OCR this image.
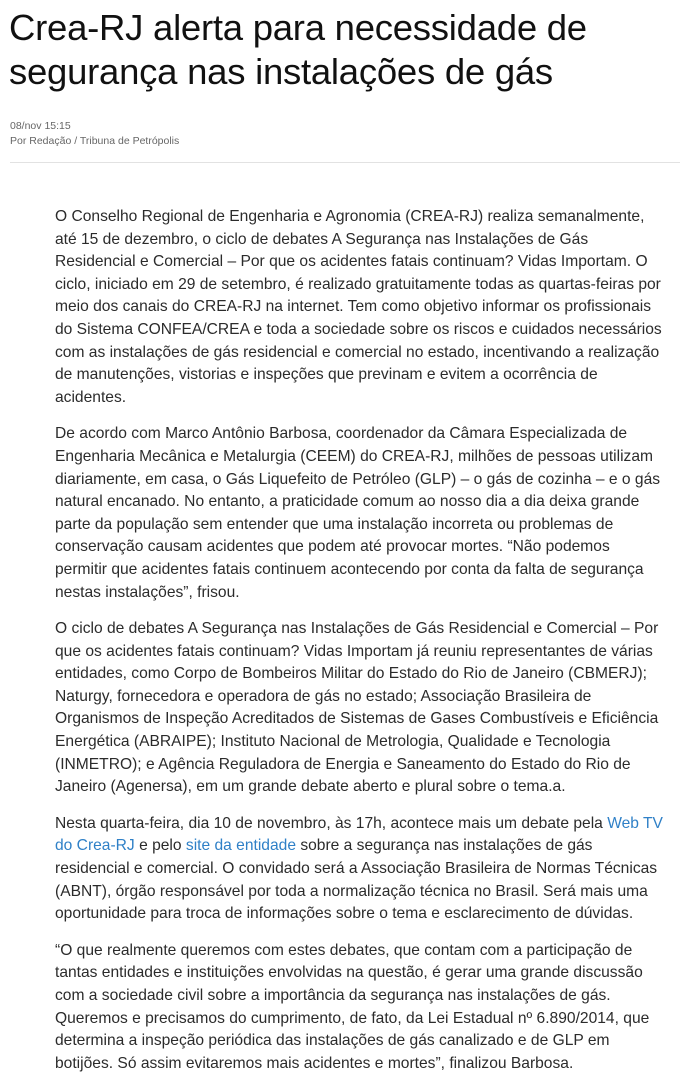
Crea-RJ alerta para necessidade de segurança nas instalações de gás
08/nov 15:15
Por Redação / Tribuna de Petrópolis

O Conselho Regional de Engenharia e Agronomia (CREA-RJ) realiza semanalmente, até 15 de dezembro, o ciclo de debates A Segurança nas Instalações de Gás Residencial e Comercial – Por que os acidentes fatais continuam? Vidas Importam. O ciclo, iniciado em 29 de setembro, é realizado gratuitamente todas as quartas-feiras por meio dos canais do CREA-RJ na internet. Tem como objetivo informar os profissionais do Sistema CONFEA/CREA e toda a sociedade sobre os riscos e cuidados necessários com as instalações de gás residencial e comercial no estado, incentivando a realização de manutenções, vistorias e inspeções que previnam e evitem a ocorrência de acidentes.

De acordo com Marco Antônio Barbosa, coordenador da Câmara Especializada de Engenharia Mecânica e Metalurgia (CEEM) do CREA-RJ, milhões de pessoas utilizam diariamente, em casa, o Gás Liquefeito de Petróleo (GLP) – o gás de cozinha – e o gás natural encanado. No entanto, a praticidade comum ao nosso dia a dia deixa grande parte da população sem entender que uma instalação incorreta ou problemas de conservação causam acidentes que podem até provocar mortes. “Não podemos permitir que acidentes fatais continuem acontecendo por conta da falta de segurança nestas instalações”, frisou.

O ciclo de debates A Segurança nas Instalações de Gás Residencial e Comercial – Por que os acidentes fatais continuam? Vidas Importam já reuniu representantes de várias entidades, como Corpo de Bombeiros Militar do Estado do Rio de Janeiro (CBMERJ); Naturgy, fornecedora e operadora de gás no estado; Associação Brasileira de Organismos de Inspeção Acreditados de Sistemas de Gases Combustíveis e Eficiência Energética (ABRAIPE); Instituto Nacional de Metrologia, Qualidade e Tecnologia (INMETRO); e Agência Reguladora de Energia e Saneamento do Estado do Rio de Janeiro (Agenersa), em um grande debate aberto e plural sobre o tema.a.

Nesta quarta-feira, dia 10 de novembro, às 17h, acontece mais um debate pela Web TV do Crea-RJ e pelo site da entidade sobre a segurança nas instalações de gás residencial e comercial. O convidado será a Associação Brasileira de Normas Técnicas (ABNT), órgão responsável por toda a normalização técnica no Brasil. Será mais uma oportunidade para troca de informações sobre o tema e esclarecimento de dúvidas.

“O que realmente queremos com estes debates, que contam com a participação de tantas entidades e instituições envolvidas na questão, é gerar uma grande discussão com a sociedade civil sobre a importância da segurança nas instalações de gás. Queremos e precisamos do cumprimento, de fato, da Lei Estadual nº 6.890/2014, que determina a inspeção periódica das instalações de gás canalizado e de GLP em botijões. Só assim evitaremos mais acidentes e mortes”, finalizou Barbosa.
